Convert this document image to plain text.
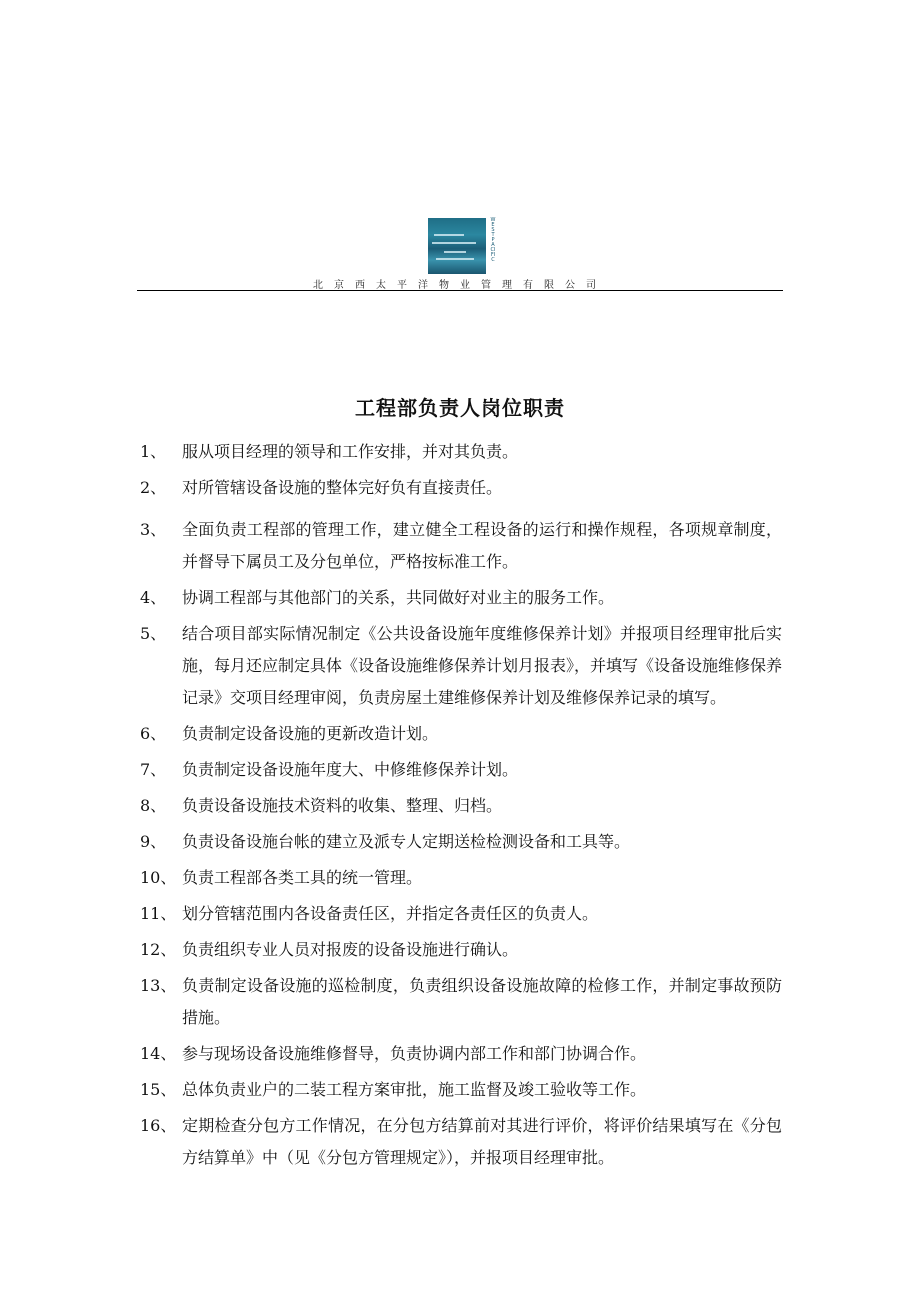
WESTPACIFIC
北京西太平洋物业管理有限公司
工程部负责人岗位职责
1、 服从项目经理的领导和工作安排，并对其负责。
2、 对所管辖设备设施的整体完好负有直接责任。
3、 全面负责工程部的管理工作，建立健全工程设备的运行和操作规程，各项规章制度，并督导下属员工及分包单位，严格按标准工作。
4、 协调工程部与其他部门的关系，共同做好对业主的服务工作。
5、 结合项目部实际情况制定《公共设备设施年度维修保养计划》并报项目经理审批后实施，每月还应制定具体《设备设施维修保养计划月报表》，并填写《设备设施维修保养记录》交项目经理审阅，负责房屋土建维修保养计划及维修保养记录的填写。
6、 负责制定设备设施的更新改造计划。
7、 负责制定设备设施年度大、中修维修保养计划。
8、 负责设备设施技术资料的收集、整理、归档。
9、 负责设备设施台帐的建立及派专人定期送检检测设备和工具等。
10、 负责工程部各类工具的统一管理。
11、 划分管辖范围内各设备责任区，并指定各责任区的负责人。
12、 负责组织专业人员对报废的设备设施进行确认。
13、 负责制定设备设施的巡检制度，负责组织设备设施故障的检修工作，并制定事故预防措施。
14、 参与现场设备设施维修督导，负责协调内部工作和部门协调合作。
15、 总体负责业户的二装工程方案审批，施工监督及竣工验收等工作。
16、 定期检查分包方工作情况，在分包方结算前对其进行评价，将评价结果填写在《分包方结算单》中（见《分包方管理规定》），并报项目经理审批。
